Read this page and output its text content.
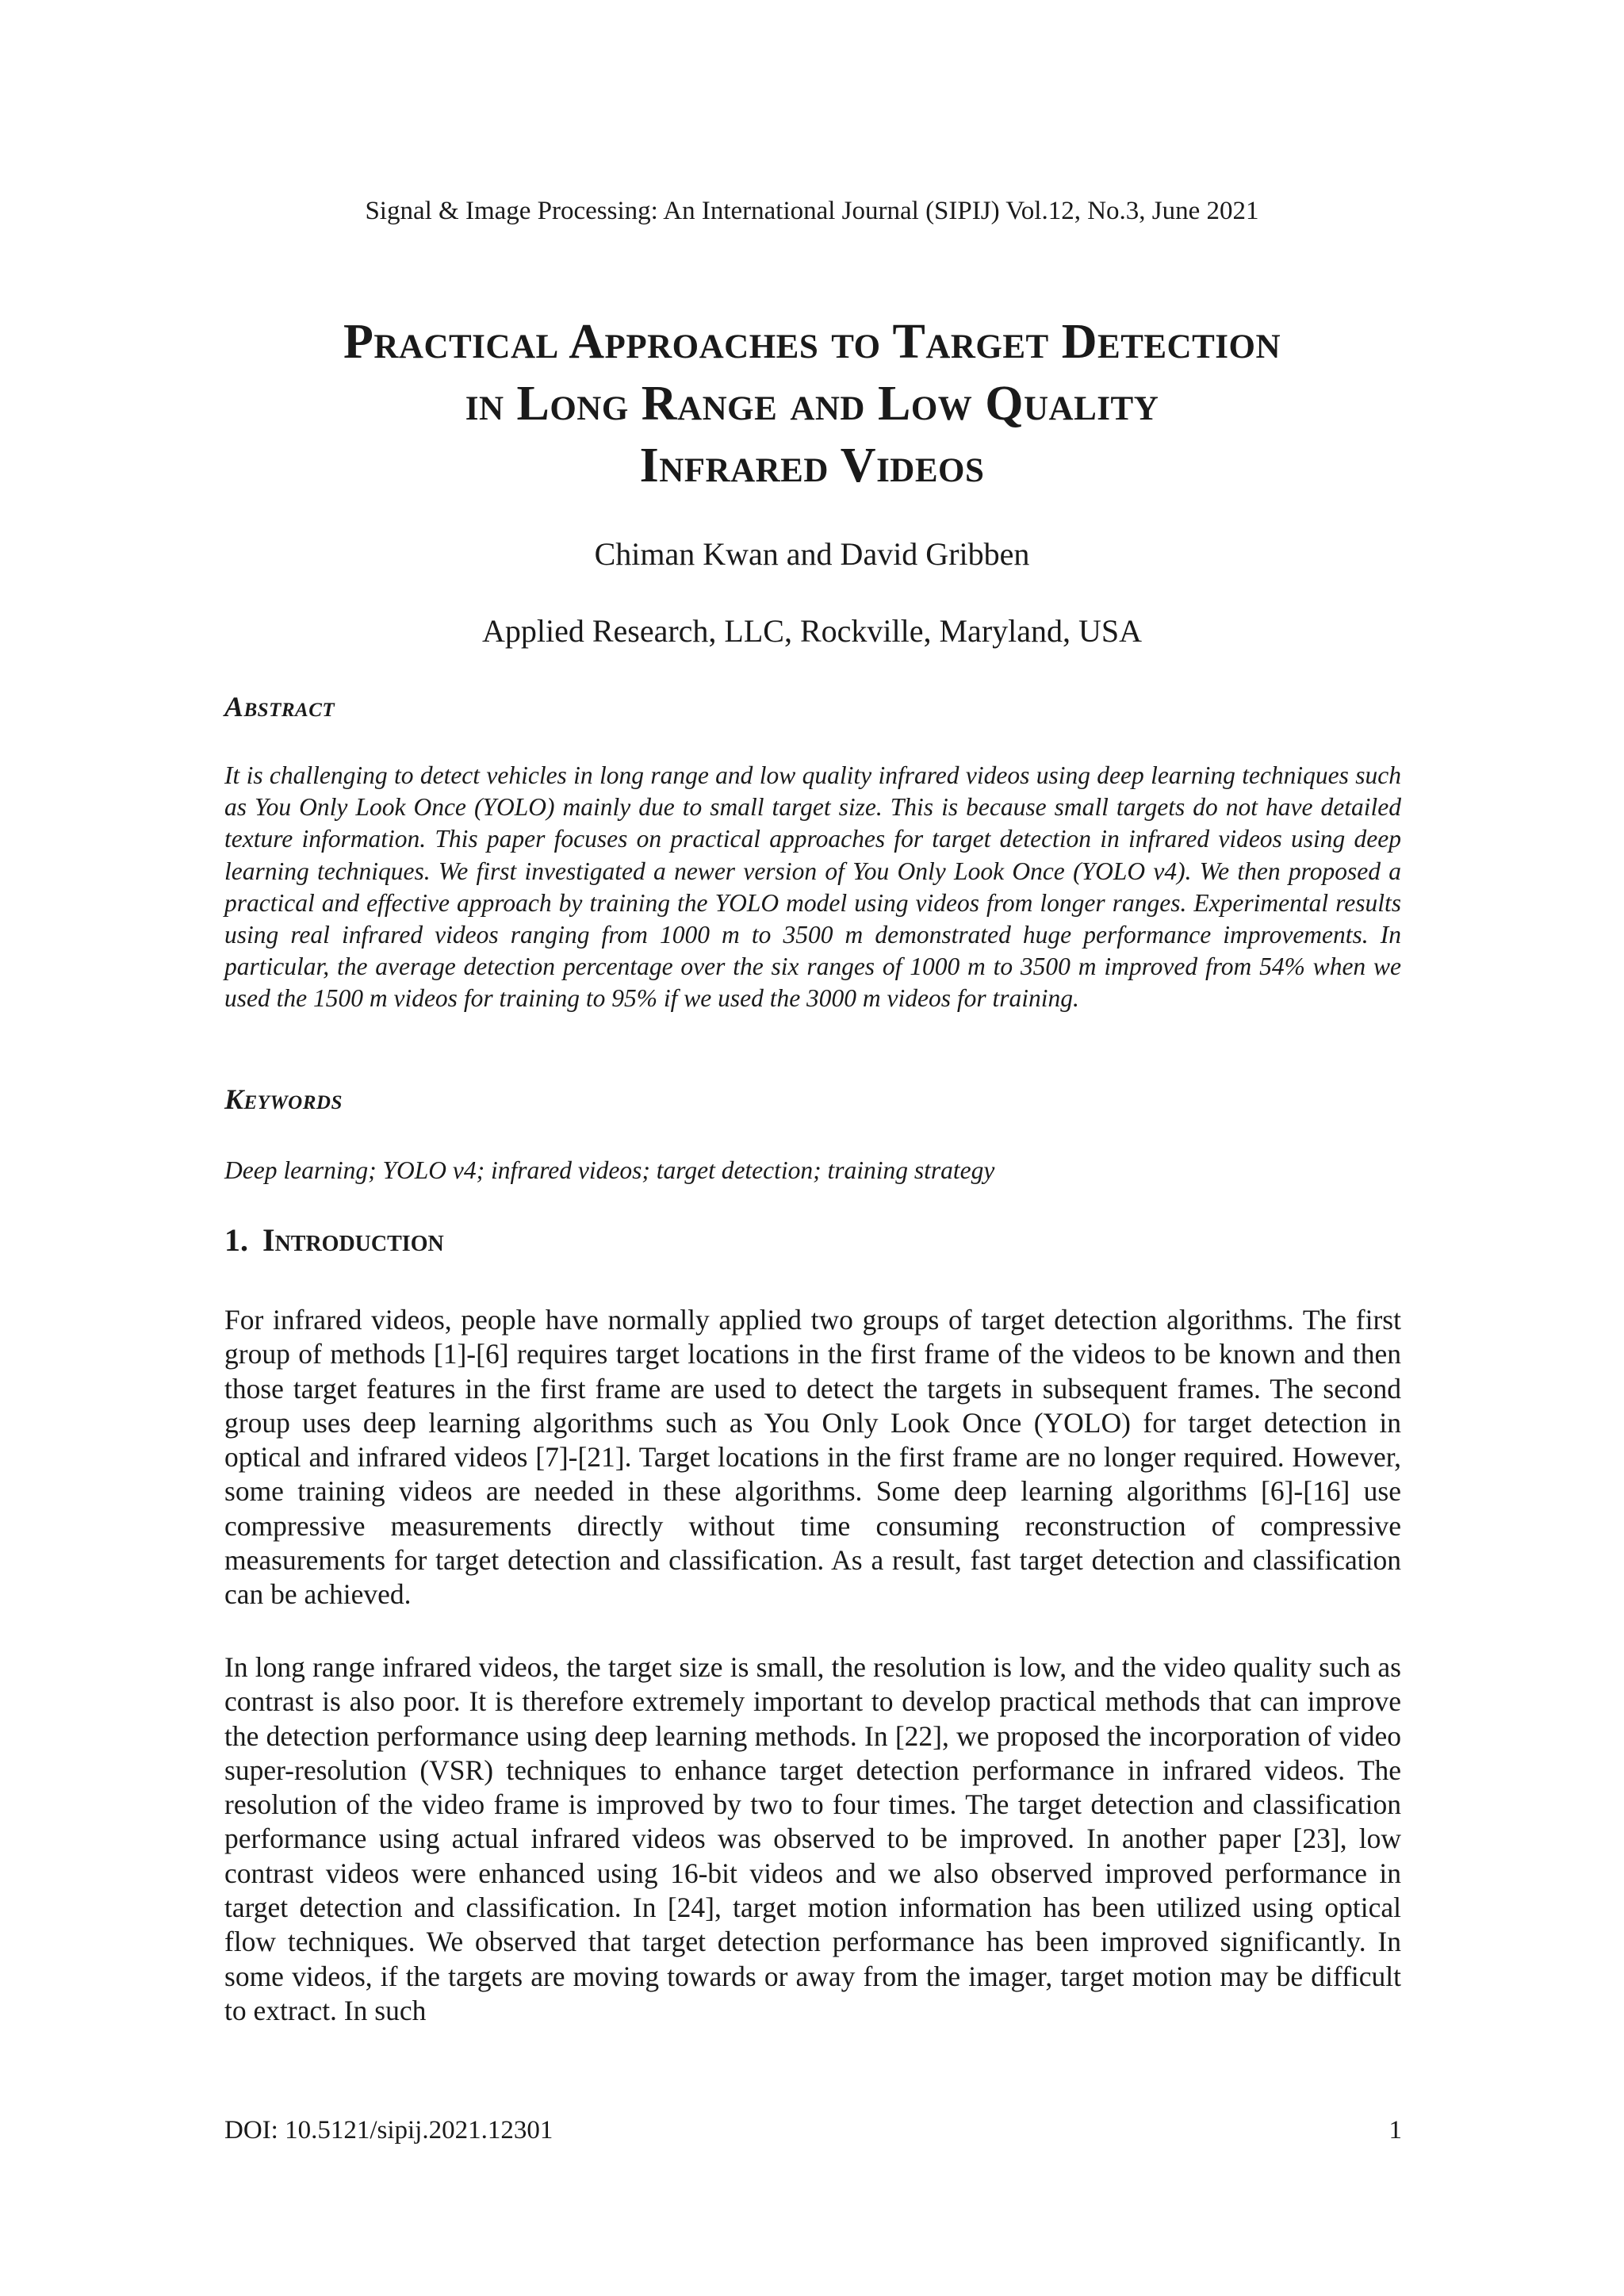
Signal & Image Processing: An International Journal (SIPIJ) Vol.12, No.3, June 2021
Practical Approaches to Target Detection
in Long Range and Low Quality
Infrared Videos
Chiman Kwan and David Gribben
Applied Research, LLC, Rockville, Maryland, USA
Abstract
It is challenging to detect vehicles in long range and low quality infrared videos using deep learning techniques such as You Only Look Once (YOLO) mainly due to small target size. This is because small targets do not have detailed texture information. This paper focuses on practical approaches for target detection in infrared videos using deep learning techniques. We first investigated a newer version of You Only Look Once (YOLO v4). We then proposed a practical and effective approach by training the YOLO model using videos from longer ranges. Experimental results using real infrared videos ranging from 1000 m to 3500 m demonstrated huge performance improvements. In particular, the average detection percentage over the six ranges of 1000 m to 3500 m improved from 54% when we used the 1500 m videos for training to 95% if we used the 3000 m videos for training.
Keywords
Deep learning; YOLO v4; infrared videos; target detection; training strategy
1. Introduction
For infrared videos, people have normally applied two groups of target detection algorithms. The first group of methods [1]-[6] requires target locations in the first frame of the videos to be known and then those target features in the first frame are used to detect the targets in subsequent frames. The second group uses deep learning algorithms such as You Only Look Once (YOLO) for target detection in optical and infrared videos [7]-[21]. Target locations in the first frame are no longer required. However, some training videos are needed in these algorithms. Some deep learning algorithms [6]-[16] use compressive measurements directly without time consuming reconstruction of compressive measurements for target detection and classification. As a result, fast target detection and classification can be achieved.
In long range infrared videos, the target size is small, the resolution is low, and the video quality such as contrast is also poor. It is therefore extremely important to develop practical methods that can improve the detection performance using deep learning methods. In [22], we proposed the incorporation of video super-resolution (VSR) techniques to enhance target detection performance in infrared videos. The resolution of the video frame is improved by two to four times. The target detection and classification performance using actual infrared videos was observed to be improved. In another paper [23], low contrast videos were enhanced using 16-bit videos and we also observed improved performance in target detection and classification. In [24], target motion information has been utilized using optical flow techniques. We observed that target detection performance has been improved significantly. In some videos, if the targets are moving towards or away from the imager, target motion may be difficult to extract. In such
DOI: 10.5121/sipij.2021.12301	1
